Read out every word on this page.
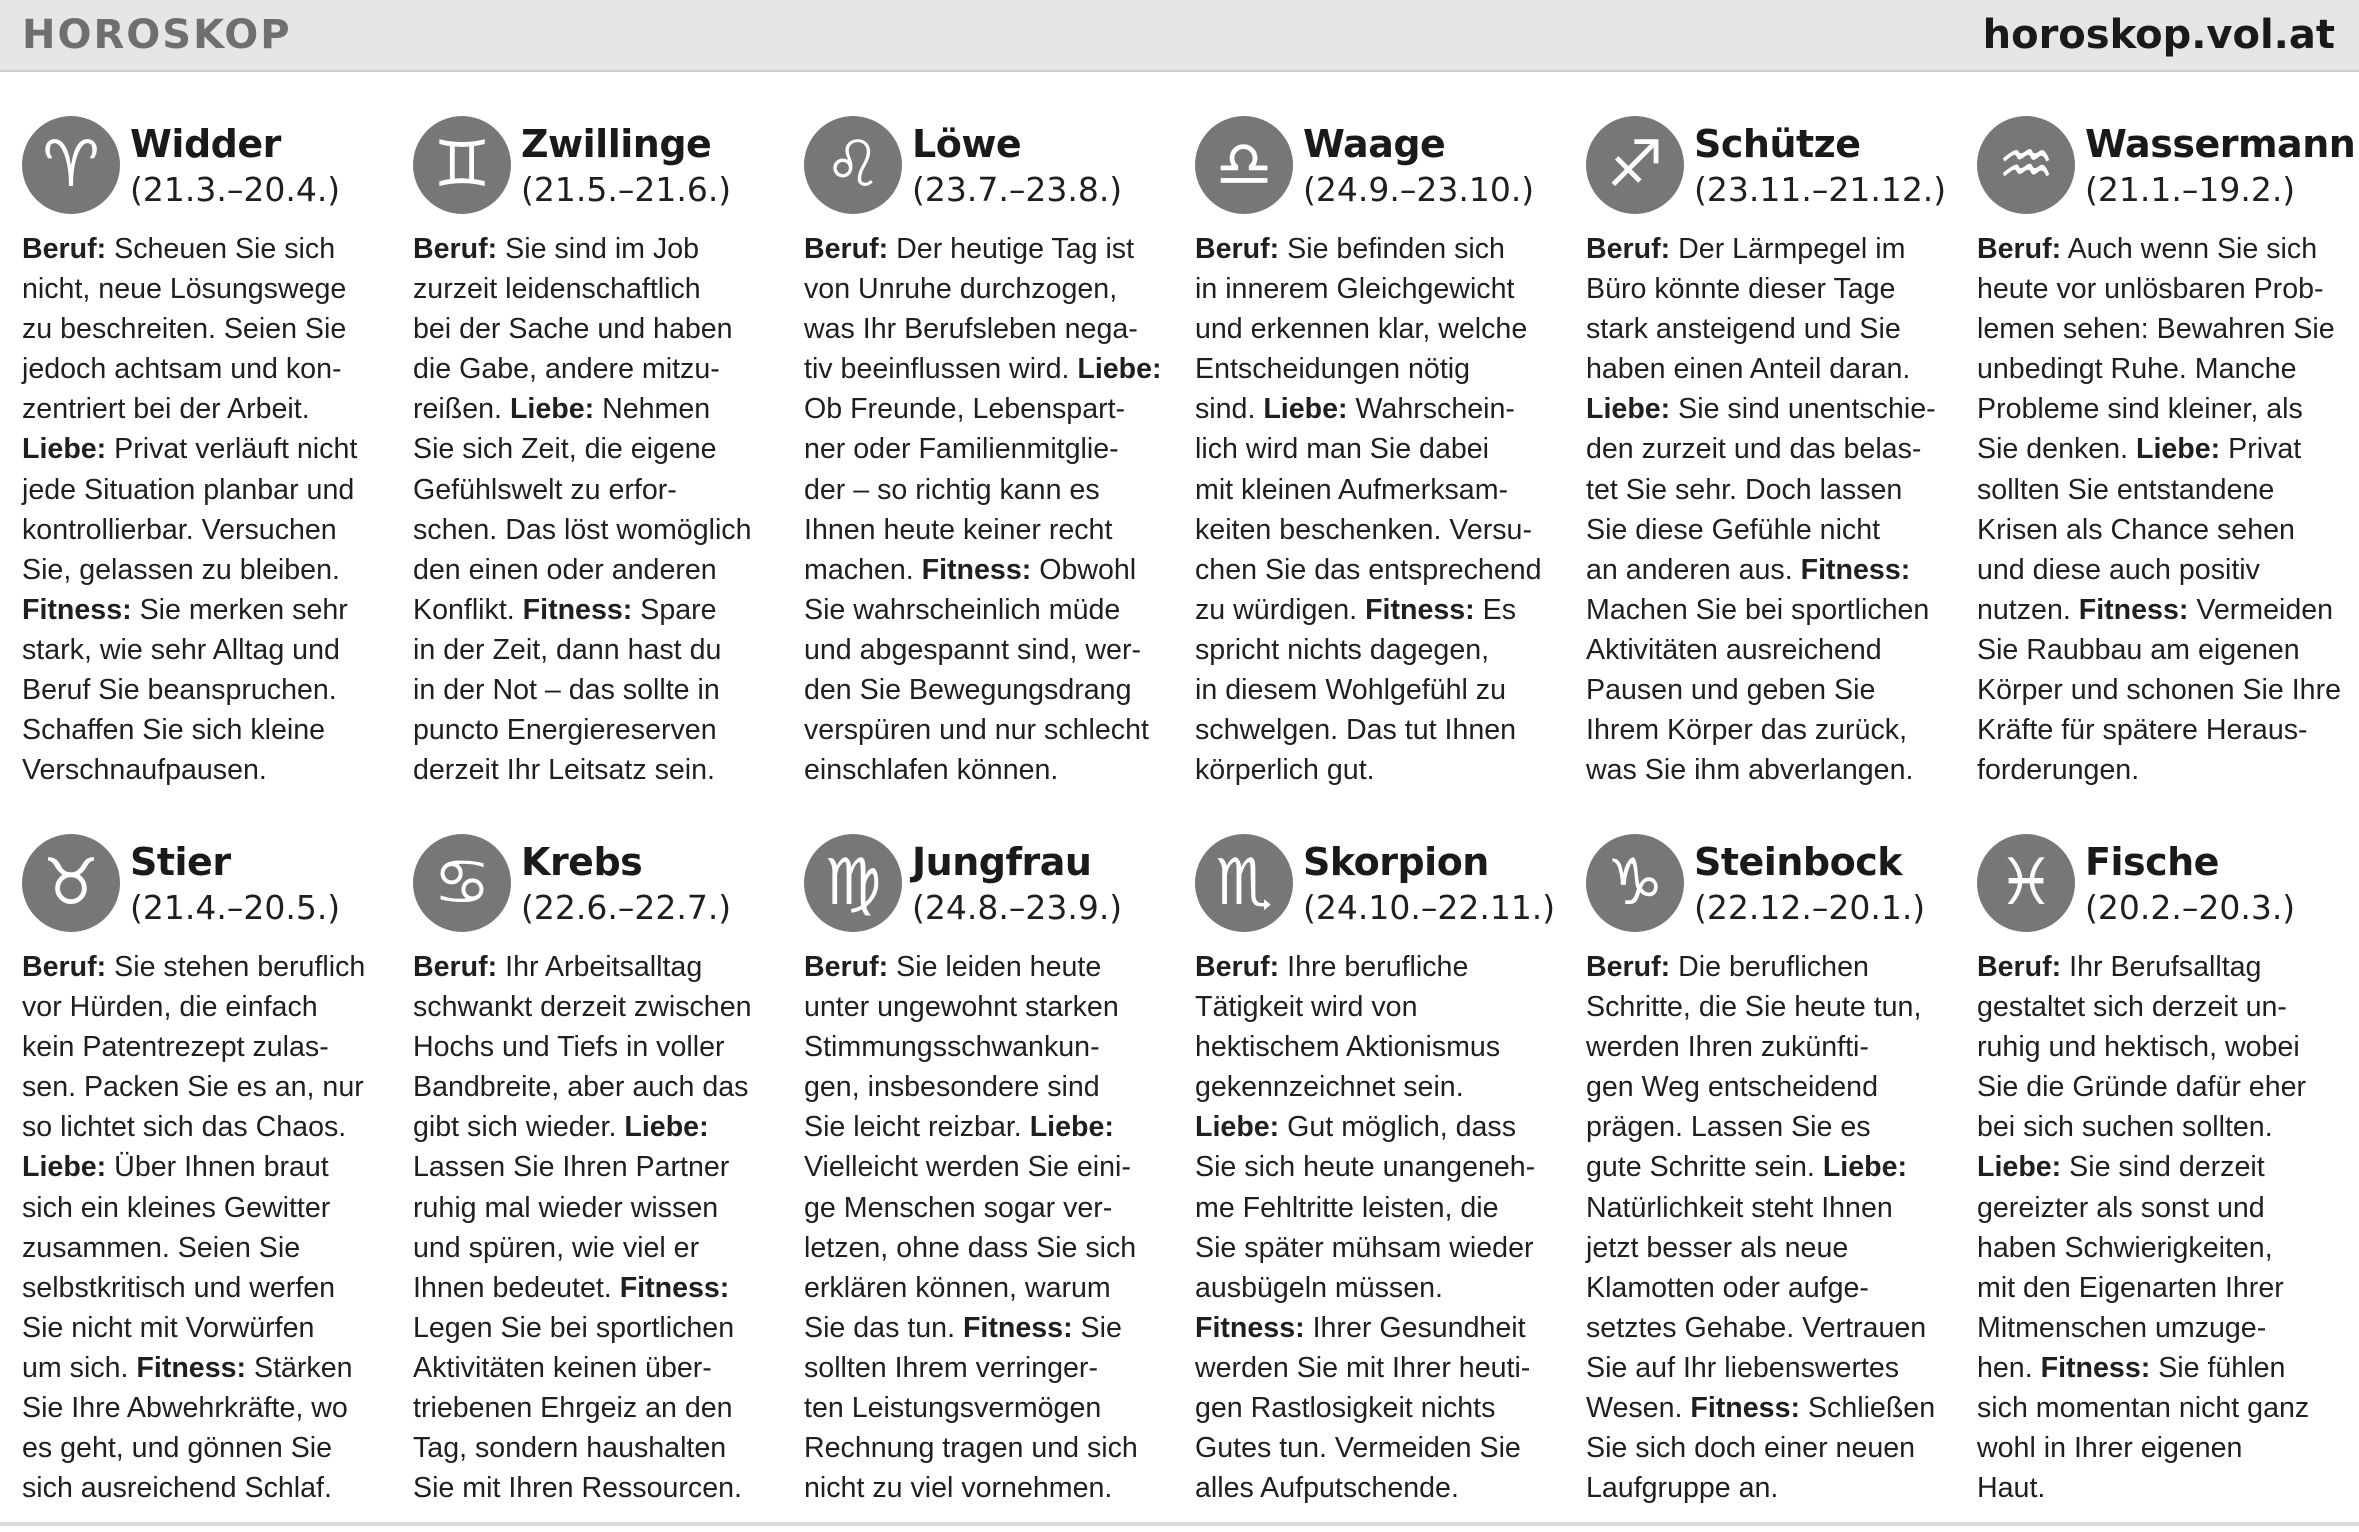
HOROSKOP	horoskop.vol.at
♈ Widder
(21.3.–20.4.)
Beruf: Scheuen Sie sich
nicht, neue Lösungswege
zu beschreiten. Seien Sie
jedoch achtsam und kon-
zentriert bei der Arbeit.
Liebe: Privat verläuft nicht
jede Situation planbar und
kontrollierbar. Versuchen
Sie, gelassen zu bleiben.
Fitness: Sie merken sehr
stark, wie sehr Alltag und
Beruf Sie beanspruchen.
Schaffen Sie sich kleine
Verschnaufpausen.
♊ Zwillinge
(21.5.–21.6.)
Beruf: Sie sind im Job
zurzeit leidenschaftlich
bei der Sache und haben
die Gabe, andere mitzu-
reißen. Liebe: Nehmen
Sie sich Zeit, die eigene
Gefühlswelt zu erfor-
schen. Das löst womöglich
den einen oder anderen
Konflikt. Fitness: Spare
in der Zeit, dann hast du
in der Not – das sollte in
puncto Energiereserven
derzeit Ihr Leitsatz sein.
♌ Löwe
(23.7.–23.8.)
Beruf: Der heutige Tag ist
von Unruhe durchzogen,
was Ihr Berufsleben nega-
tiv beeinflussen wird. Liebe:
Ob Freunde, Lebenspart-
ner oder Familienmitglie-
der – so richtig kann es
Ihnen heute keiner recht
machen. Fitness: Obwohl
Sie wahrscheinlich müde
und abgespannt sind, wer-
den Sie Bewegungsdrang
verspüren und nur schlecht
einschlafen können.
♎ Waage
(24.9.–23.10.)
Beruf: Sie befinden sich
in innerem Gleichgewicht
und erkennen klar, welche
Entscheidungen nötig
sind. Liebe: Wahrschein-
lich wird man Sie dabei
mit kleinen Aufmerksam-
keiten beschenken. Versu-
chen Sie das entsprechend
zu würdigen. Fitness: Es
spricht nichts dagegen,
in diesem Wohlgefühl zu
schwelgen. Das tut Ihnen
körperlich gut.
♐ Schütze
(23.11.–21.12.)
Beruf: Der Lärmpegel im
Büro könnte dieser Tage
stark ansteigend und Sie
haben einen Anteil daran.
Liebe: Sie sind unentschie-
den zurzeit und das belas-
tet Sie sehr. Doch lassen
Sie diese Gefühle nicht
an anderen aus. Fitness:
Machen Sie bei sportlichen
Aktivitäten ausreichend
Pausen und geben Sie
Ihrem Körper das zurück,
was Sie ihm abverlangen.
♒ Wassermann
(21.1.–19.2.)
Beruf: Auch wenn Sie sich
heute vor unlösbaren Prob-
lemen sehen: Bewahren Sie
unbedingt Ruhe. Manche
Probleme sind kleiner, als
Sie denken. Liebe: Privat
sollten Sie entstandene
Krisen als Chance sehen
und diese auch positiv
nutzen. Fitness: Vermeiden
Sie Raubbau am eigenen
Körper und schonen Sie Ihre
Kräfte für spätere Heraus-
forderungen.
♉ Stier
(21.4.–20.5.)
Beruf: Sie stehen beruflich
vor Hürden, die einfach
kein Patentrezept zulas-
sen. Packen Sie es an, nur
so lichtet sich das Chaos.
Liebe: Über Ihnen braut
sich ein kleines Gewitter
zusammen. Seien Sie
selbstkritisch und werfen
Sie nicht mit Vorwürfen
um sich. Fitness: Stärken
Sie Ihre Abwehrkräfte, wo
es geht, und gönnen Sie
sich ausreichend Schlaf.
♋ Krebs
(22.6.–22.7.)
Beruf: Ihr Arbeitsalltag
schwankt derzeit zwischen
Hochs und Tiefs in voller
Bandbreite, aber auch das
gibt sich wieder. Liebe:
Lassen Sie Ihren Partner
ruhig mal wieder wissen
und spüren, wie viel er
Ihnen bedeutet. Fitness:
Legen Sie bei sportlichen
Aktivitäten keinen über-
triebenen Ehrgeiz an den
Tag, sondern haushalten
Sie mit Ihren Ressourcen.
♍ Jungfrau
(24.8.–23.9.)
Beruf: Sie leiden heute
unter ungewohnt starken
Stimmungsschwankun-
gen, insbesondere sind
Sie leicht reizbar. Liebe:
Vielleicht werden Sie eini-
ge Menschen sogar ver-
letzen, ohne dass Sie sich
erklären können, warum
Sie das tun. Fitness: Sie
sollten Ihrem verringer-
ten Leistungsvermögen
Rechnung tragen und sich
nicht zu viel vornehmen.
♏ Skorpion
(24.10.–22.11.)
Beruf: Ihre berufliche
Tätigkeit wird von
hektischem Aktionismus
gekennzeichnet sein.
Liebe: Gut möglich, dass
Sie sich heute unangeneh-
me Fehltritte leisten, die
Sie später mühsam wieder
ausbügeln müssen.
Fitness: Ihrer Gesundheit
werden Sie mit Ihrer heuti-
gen Rastlosigkeit nichts
Gutes tun. Vermeiden Sie
alles Aufputschende.
♑ Steinbock
(22.12.–20.1.)
Beruf: Die beruflichen
Schritte, die Sie heute tun,
werden Ihren zukünfti-
gen Weg entscheidend
prägen. Lassen Sie es
gute Schritte sein. Liebe:
Natürlichkeit steht Ihnen
jetzt besser als neue
Klamotten oder aufge-
setztes Gehabe. Vertrauen
Sie auf Ihr liebenswertes
Wesen. Fitness: Schließen
Sie sich doch einer neuen
Laufgruppe an.
♓ Fische
(20.2.–20.3.)
Beruf: Ihr Berufsalltag
gestaltet sich derzeit un-
ruhig und hektisch, wobei
Sie die Gründe dafür eher
bei sich suchen sollten.
Liebe: Sie sind derzeit
gereizter als sonst und
haben Schwierigkeiten,
mit den Eigenarten Ihrer
Mitmenschen umzuge-
hen. Fitness: Sie fühlen
sich momentan nicht ganz
wohl in Ihrer eigenen
Haut.
